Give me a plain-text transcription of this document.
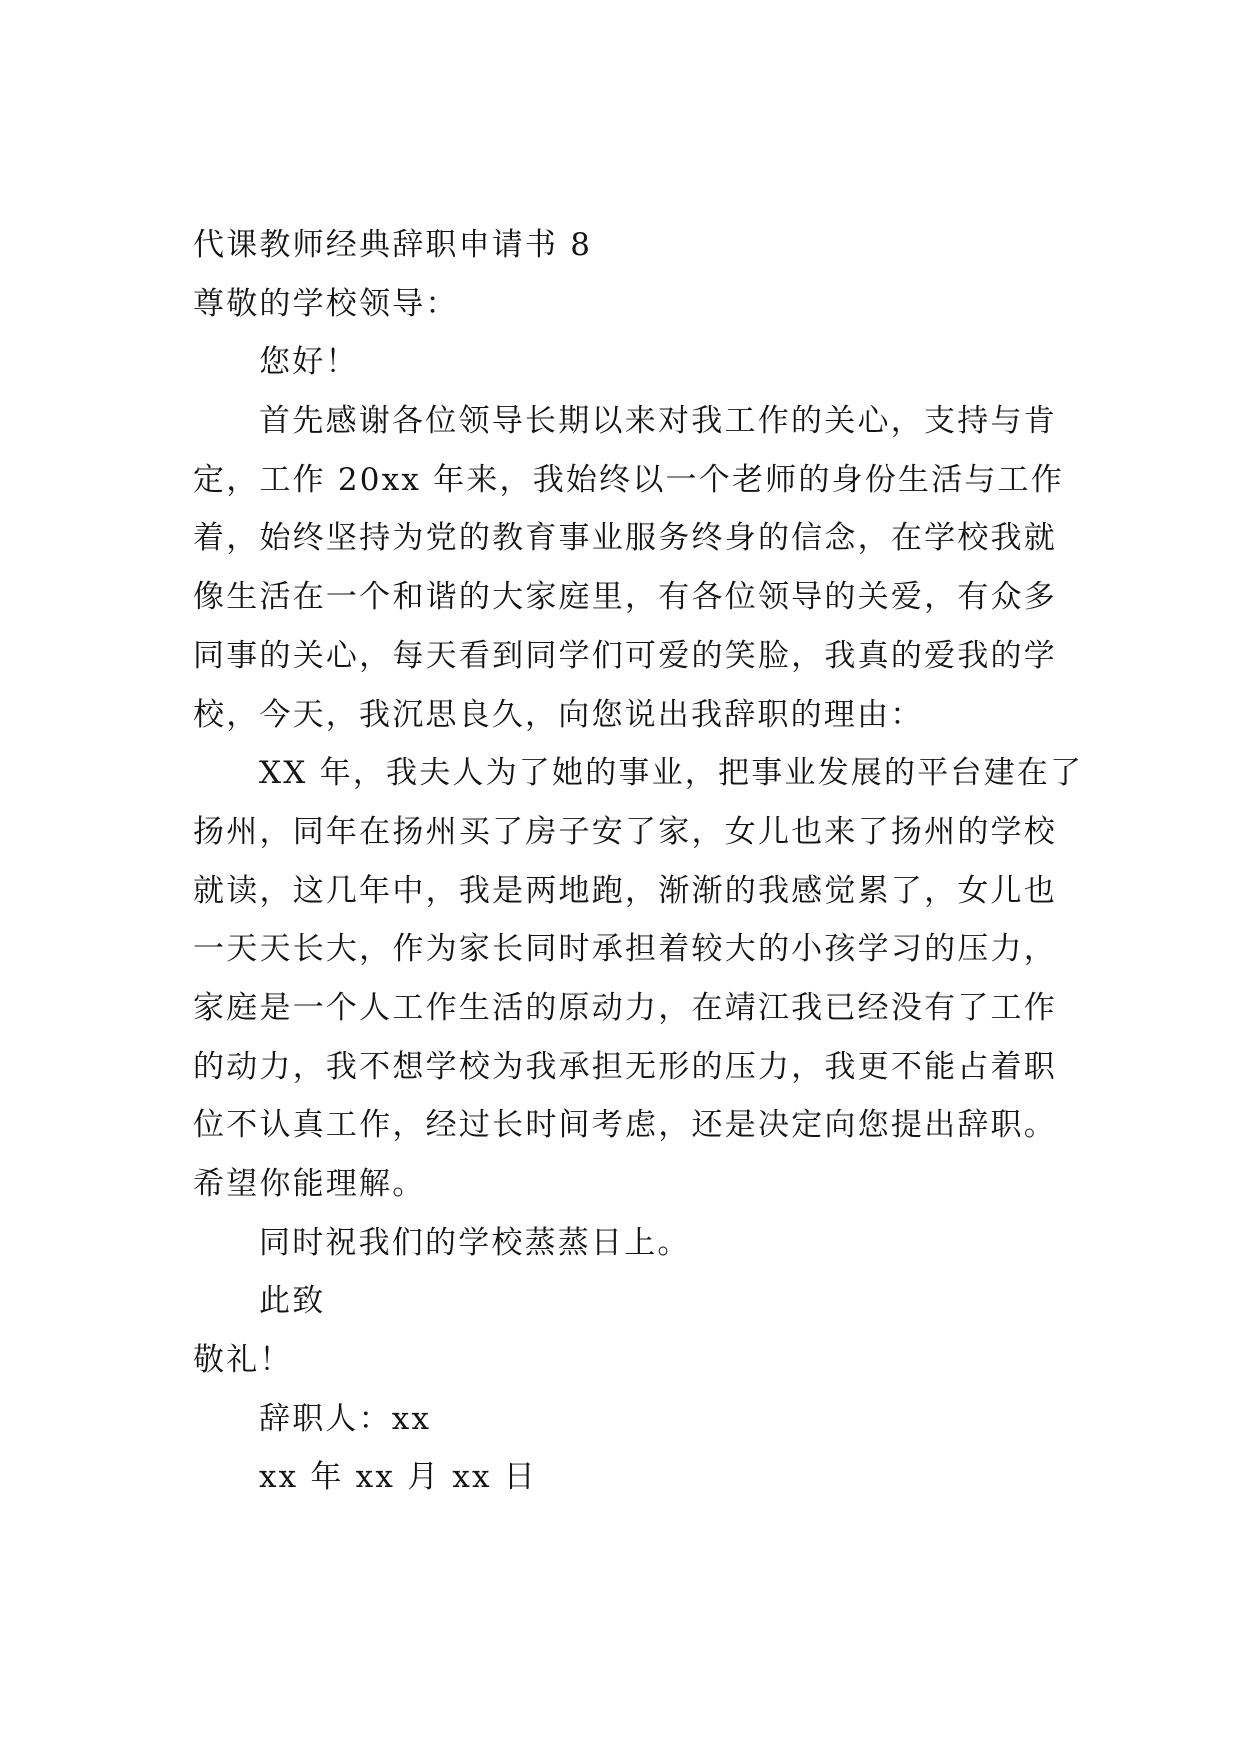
代课教师经典辞职申请书 8
尊敬的学校领导：
您好！
首先感谢各位领导长期以来对我工作的关心，支持与肯
定，工作 20xx 年来，我始终以一个老师的身份生活与工作
着，始终坚持为党的教育事业服务终身的信念，在学校我就
像生活在一个和谐的大家庭里，有各位领导的关爱，有众多
同事的关心，每天看到同学们可爱的笑脸，我真的爱我的学
校，今天，我沉思良久，向您说出我辞职的理由：
XX 年，我夫人为了她的事业，把事业发展的平台建在了
扬州，同年在扬州买了房子安了家，女儿也来了扬州的学校
就读，这几年中，我是两地跑，渐渐的我感觉累了，女儿也
一天天长大，作为家长同时承担着较大的小孩学习的压力，
家庭是一个人工作生活的原动力，在靖江我已经没有了工作
的动力，我不想学校为我承担无形的压力，我更不能占着职
位不认真工作，经过长时间考虑，还是决定向您提出辞职。
希望你能理解。
同时祝我们的学校蒸蒸日上。
此致
敬礼！
辞职人：xx
xx 年 xx 月 xx 日
